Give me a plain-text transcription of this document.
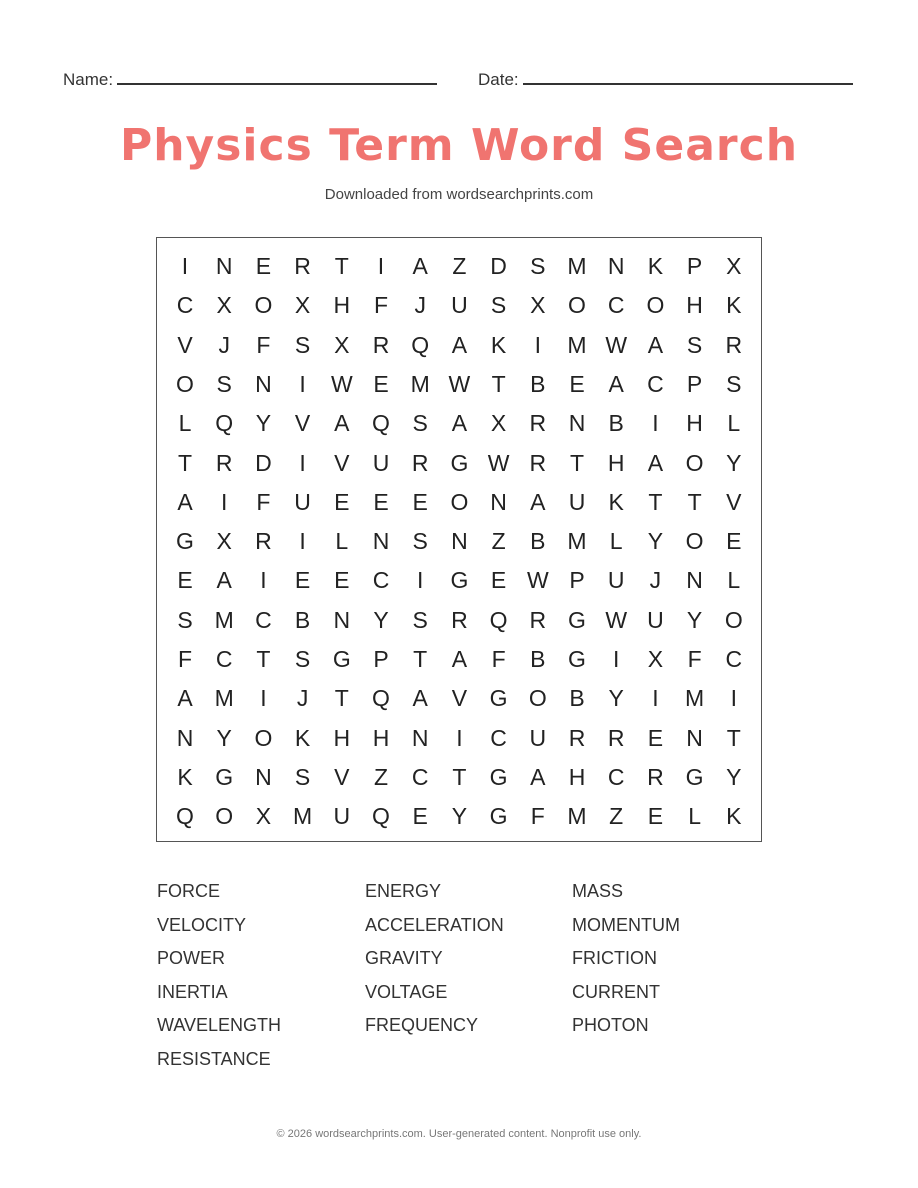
Name:	Date:
Physics Term Word Search
Downloaded from wordsearchprints.com
I	N	E	R	T	I	A	Z	D	S M N	K	P	X
C	X O X	H	F	J	U	S	X O C O H	K
V	J	F	S	X	R Q A	K	I	M W A	S	R
O S	N	I	W E M W T	B	E	A	C	P	S
L	Q Y	V	A Q S	A	X	R N	B	I	H	L
T	R D	I	V	U R G W R	T	H	A O Y
A	I	F	U	E	E	E O N	A	U	K	T	T	V
G X	R	I	L	N	S	N	Z	B M	L	Y O E
E	A	I	E	E	C	I	G E W P	U	J	N	L
S M C	B	N	Y	S	R Q R G W U	Y O
F	C	T	S G P	T	A	F	B G	I	X	F	C
A M	I	J	T	Q A	V G O B	Y	I	M	I
N	Y O K	H H N	I	C U R R	E	N	T
K G N	S	V	Z	C	T	G A	H C R G Y
Q O X M U Q E	Y G	F M Z	E	L	K
FORCE	ENERGY	MASS
VELOCITY	ACCELERATION	MOMENTUM
POWER	GRAVITY	FRICTION
INERTIA	VOLTAGE	CURRENT
WAVELENGTH	FREQUENCY	PHOTON
RESISTANCE
© 2026 wordsearchprints.com. User-generated content. Nonprofit use only.
